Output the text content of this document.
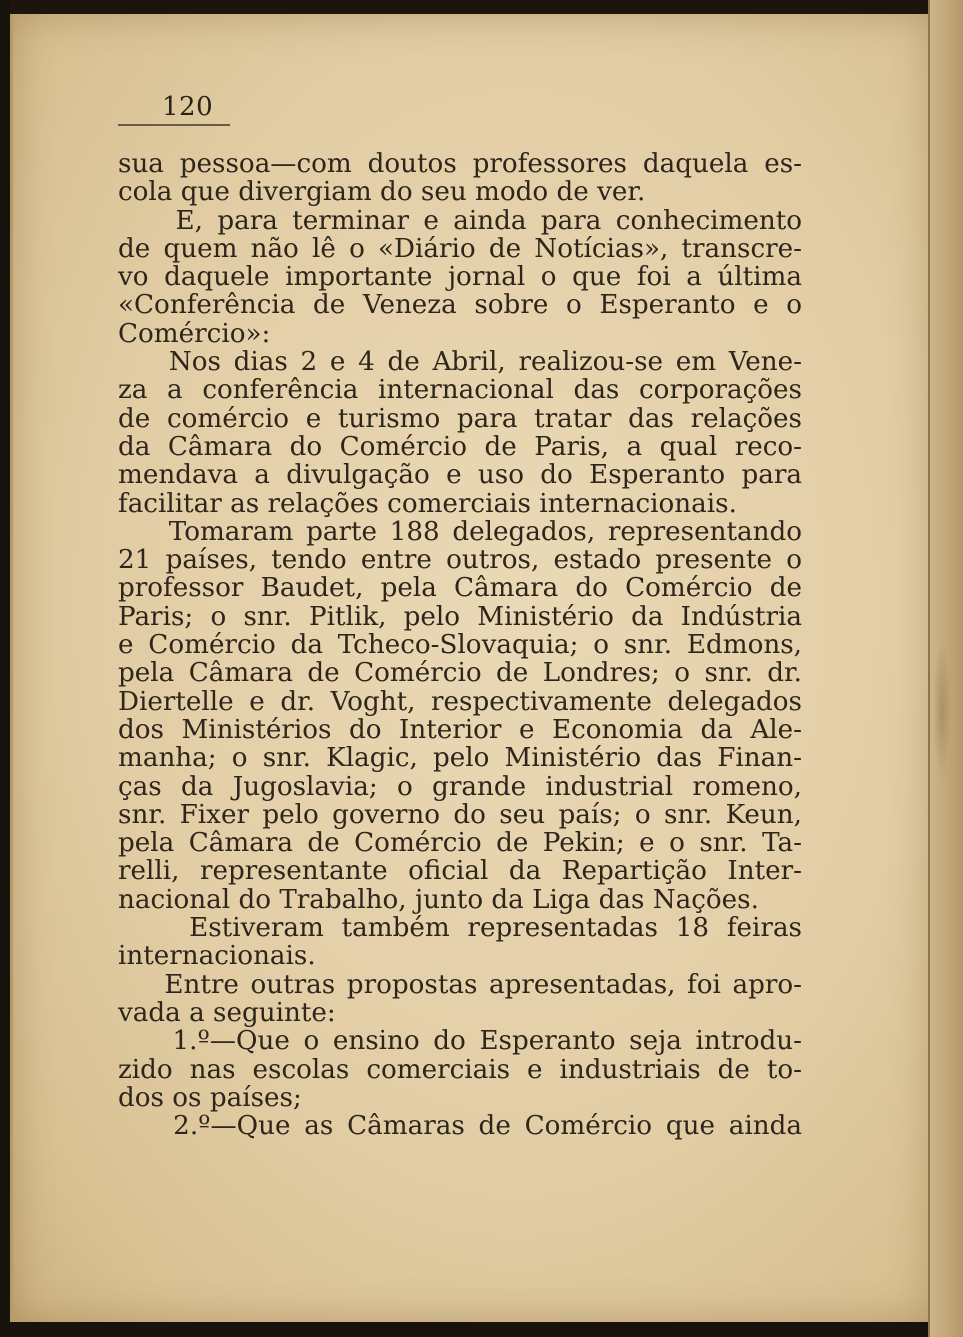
120
sua pessoa—com doutos professores daquela es-
cola que divergiam do seu modo de ver.
E, para terminar e ainda para conhecimento
de quem não lê o «Diário de Notícias», transcre-
vo daquele importante jornal o que foi a última
«Conferência de Veneza sobre o Esperanto e o
Comércio»:
Nos dias 2 e 4 de Abril, realizou-se em Vene-
za a conferência internacional das corporações
de comércio e turismo para tratar das relações
da Câmara do Comércio de Paris, a qual reco-
mendava a divulgação e uso do Esperanto para
facilitar as relações comerciais internacionais.
Tomaram parte 188 delegados, representando
21 países, tendo entre outros, estado presente o
professor Baudet, pela Câmara do Comércio de
Paris; o snr. Pitlik, pelo Ministério da Indústria
e Comércio da Tcheco-Slovaquia; o snr. Edmons,
pela Câmara de Comércio de Londres; o snr. dr.
Diertelle e dr. Voght, respectivamente delegados
dos Ministérios do Interior e Economia da Ale-
manha; o snr. Klagic, pelo Ministério das Finan-
ças da Jugoslavia; o grande industrial romeno,
snr. Fixer pelo governo do seu país; o snr. Keun,
pela Câmara de Comércio de Pekin; e o snr. Ta-
relli, representante oficial da Repartição Inter-
nacional do Trabalho, junto da Liga das Nações.
Estiveram também representadas 18 feiras
internacionais.
Entre outras propostas apresentadas, foi apro-
vada a seguinte:
1.º—Que o ensino do Esperanto seja introdu-
zido nas escolas comerciais e industriais de to-
dos os países;
2.º—Que as Câmaras de Comércio que ainda
